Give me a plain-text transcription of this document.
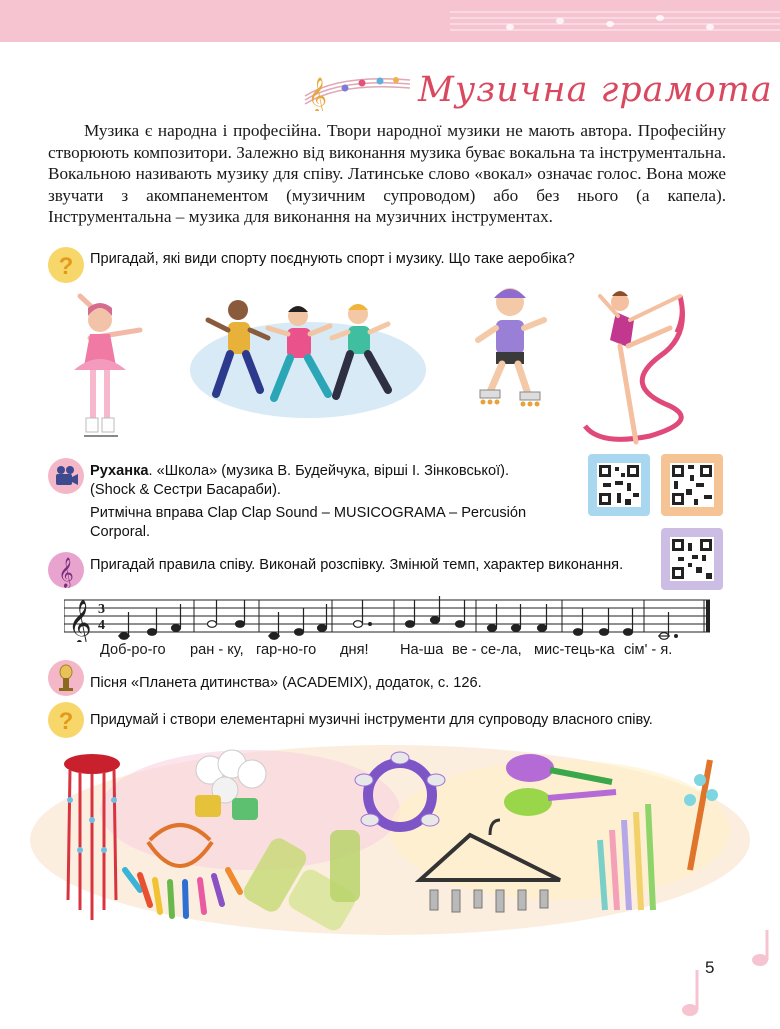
𝄞	Музична грамота

Музика є народна і професійна. Твори народної музики не мають автора. Професійну створюють композитори. Залежно від виконання музика буває вокальна та інструментальна. Вокальною називають музику для співу. Латинське слово «вокал» означає голос. Вона може звучати з акомпанементом (музичним супроводом) або без нього (а капела). Інструментальна – музика для виконання на музичних інструментах.

? Пригадай, які види спорту поєднують спорт і музику. Що таке аеробіка?
Руханка. «Школа» (музика В. Будейчука, вірші І. Зінковської).
(Shock & Сестри Басараби).
Ритмічна вправа Clap Clap Sound – MUSICOGRAMA – Percusión Corporal.
𝄞 Пригадай правила співу. Виконай розспівку. Змінюй темп, характер виконання.
𝄞 3
4
Доб-ро-го ран - ку, гар-но-го дня! На-ша ве - се-ла, мис-тець-ка сім' - я.
Пісня «Планета дитинства» (ACADEMIX), додаток, с. 126.
? Придумай і створи елементарні музичні інструменти для супроводу власного співу.
5
